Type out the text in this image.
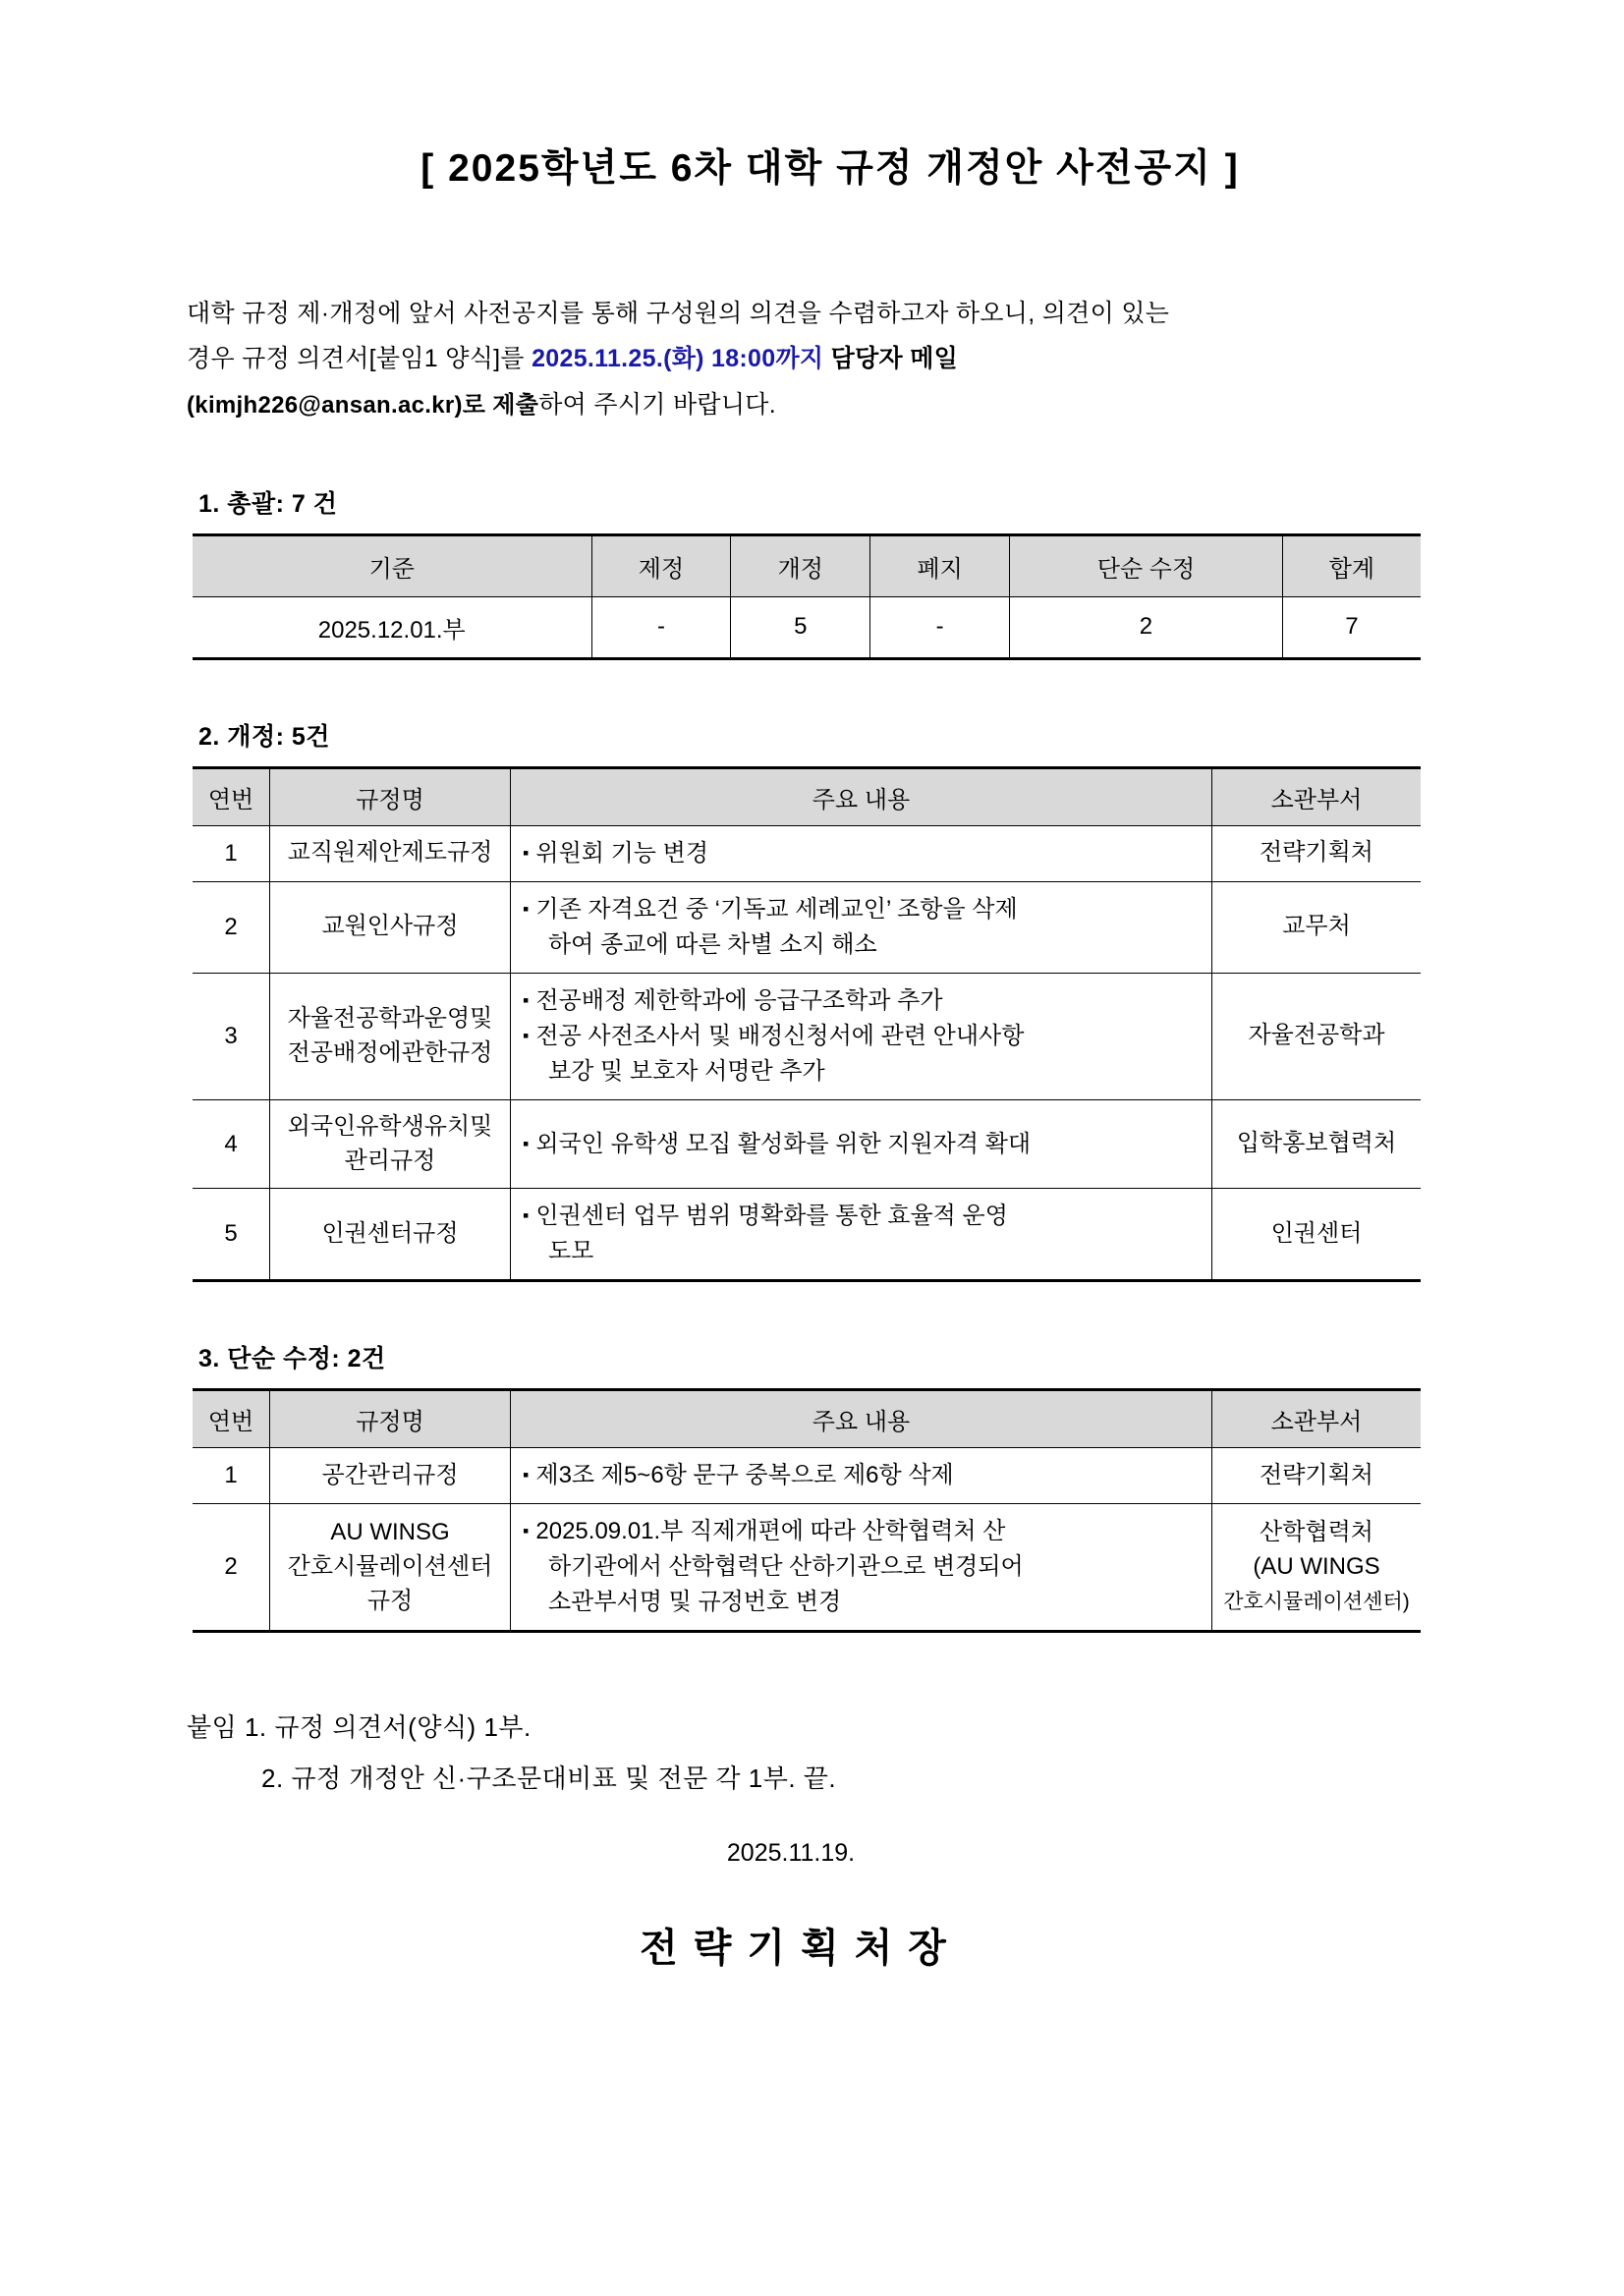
[ 2025학년도 6차 대학 규정 개정안 사전공지 ]
대학 규정 제·개정에 앞서 사전공지를 통해 구성원의 의견을 수렴하고자 하오니, 의견이 있는
경우 규정 의견서[붙임1 양식]를 2025.11.25.(화) 18:00까지 담당자 메일
(kimjh226@ansan.ac.kr)로 제출하여 주시기 바랍니다.
1. 총괄: 7 건
기준	제정	개정	폐지	단순 수정	합계
2025.12.01.부	-	5	-	2	7
2. 개정: 5건
연번	규정명	주요 내용	소관부서
1	교직원제안제도규정	▪ 위원회 기능 변경	전략기획처
2	교원인사규정	▪ 기존 자격요건 중 ‘기독교 세례교인’ 조항을 삭제
하여 종교에 따른 차별 소지 해소	교무처
3	자율전공학과운영및
전공배정에관한규정	▪ 전공배정 제한학과에 응급구조학과 추가
▪ 전공 사전조사서 및 배정신청서에 관련 안내사항
보강 및 보호자 서명란 추가	자율전공학과
4	외국인유학생유치및
관리규정	▪ 외국인 유학생 모집 활성화를 위한 지원자격 확대	입학홍보협력처
5	인권센터규정	▪ 인권센터 업무 범위 명확화를 통한 효율적 운영
도모	인권센터
3. 단순 수정: 2건
연번	규정명	주요 내용	소관부서
1	공간관리규정	▪ 제3조 제5~6항 문구 중복으로 제6항 삭제	전략기획처
2	AU WINSG
간호시뮬레이션센터
규정	▪ 2025.09.01.부 직제개편에 따라 산학협력처 산
하기관에서 산학협력단 산하기관으로 변경되어
소관부서명 및 규정번호 변경	산학협력처
(AU WINGS
간호시뮬레이션센터)
붙임 1. 규정 의견서(양식) 1부.
2. 규정 개정안 신·구조문대비표 및 전문 각 1부. 끝.
2025.11.19.
전략기획처장
